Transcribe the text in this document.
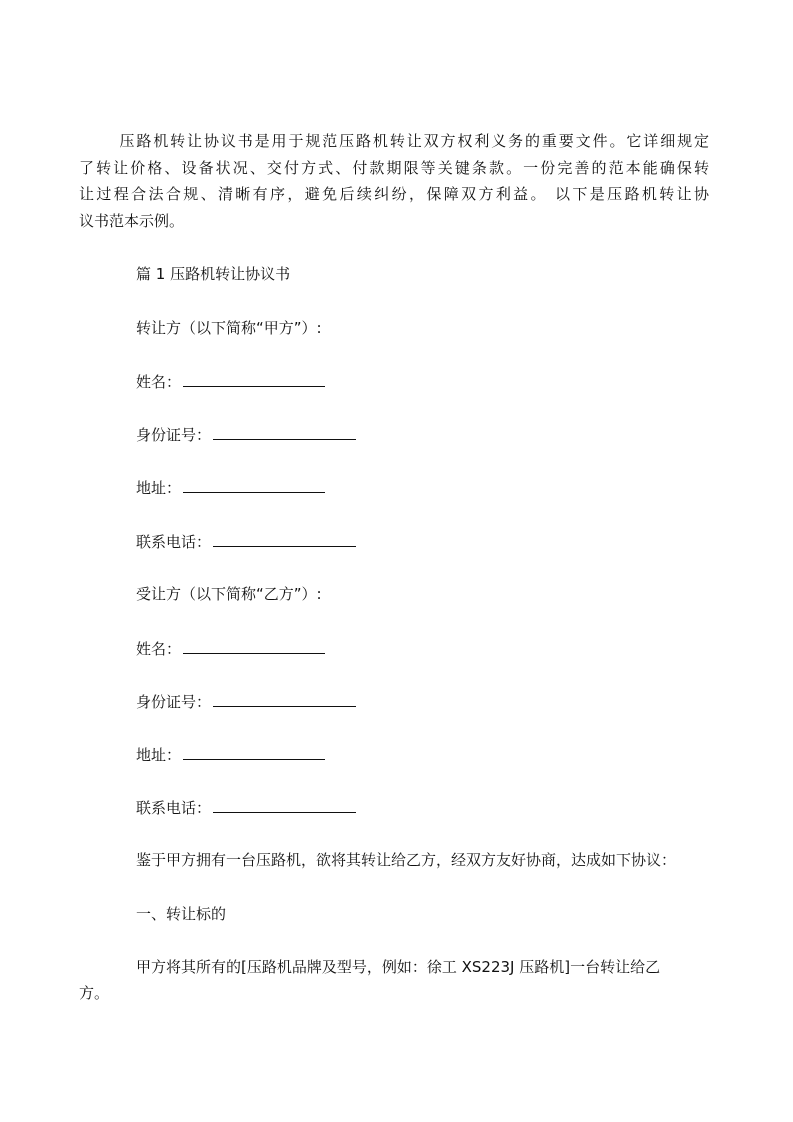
　　 压路机转让协议书是用于规范压路机转让双方权利义务的重要文件。它详细规定
了转让价格、设备状况、交付方式、付款期限等关键条款。一份完善的范本能确保转
让过程合法合规、清晰有序，避免后续纠纷，保障双方利益。 以下是压路机转让协
议书范本示例。
篇 1 压路机转让协议书
转让方（以下简称“甲方”）:
姓名：
身份证号：
地址：
联系电话：
受让方（以下简称“乙方”）:
姓名：
身份证号：
地址：
联系电话：
鉴于甲方拥有一台压路机，欲将其转让给乙方，经双方友好协商，达成如下协议：
一、转让标的
甲方将其所有的[压路机品牌及型号，例如：徐工 XS223J 压路机]一台转让给乙
方。
